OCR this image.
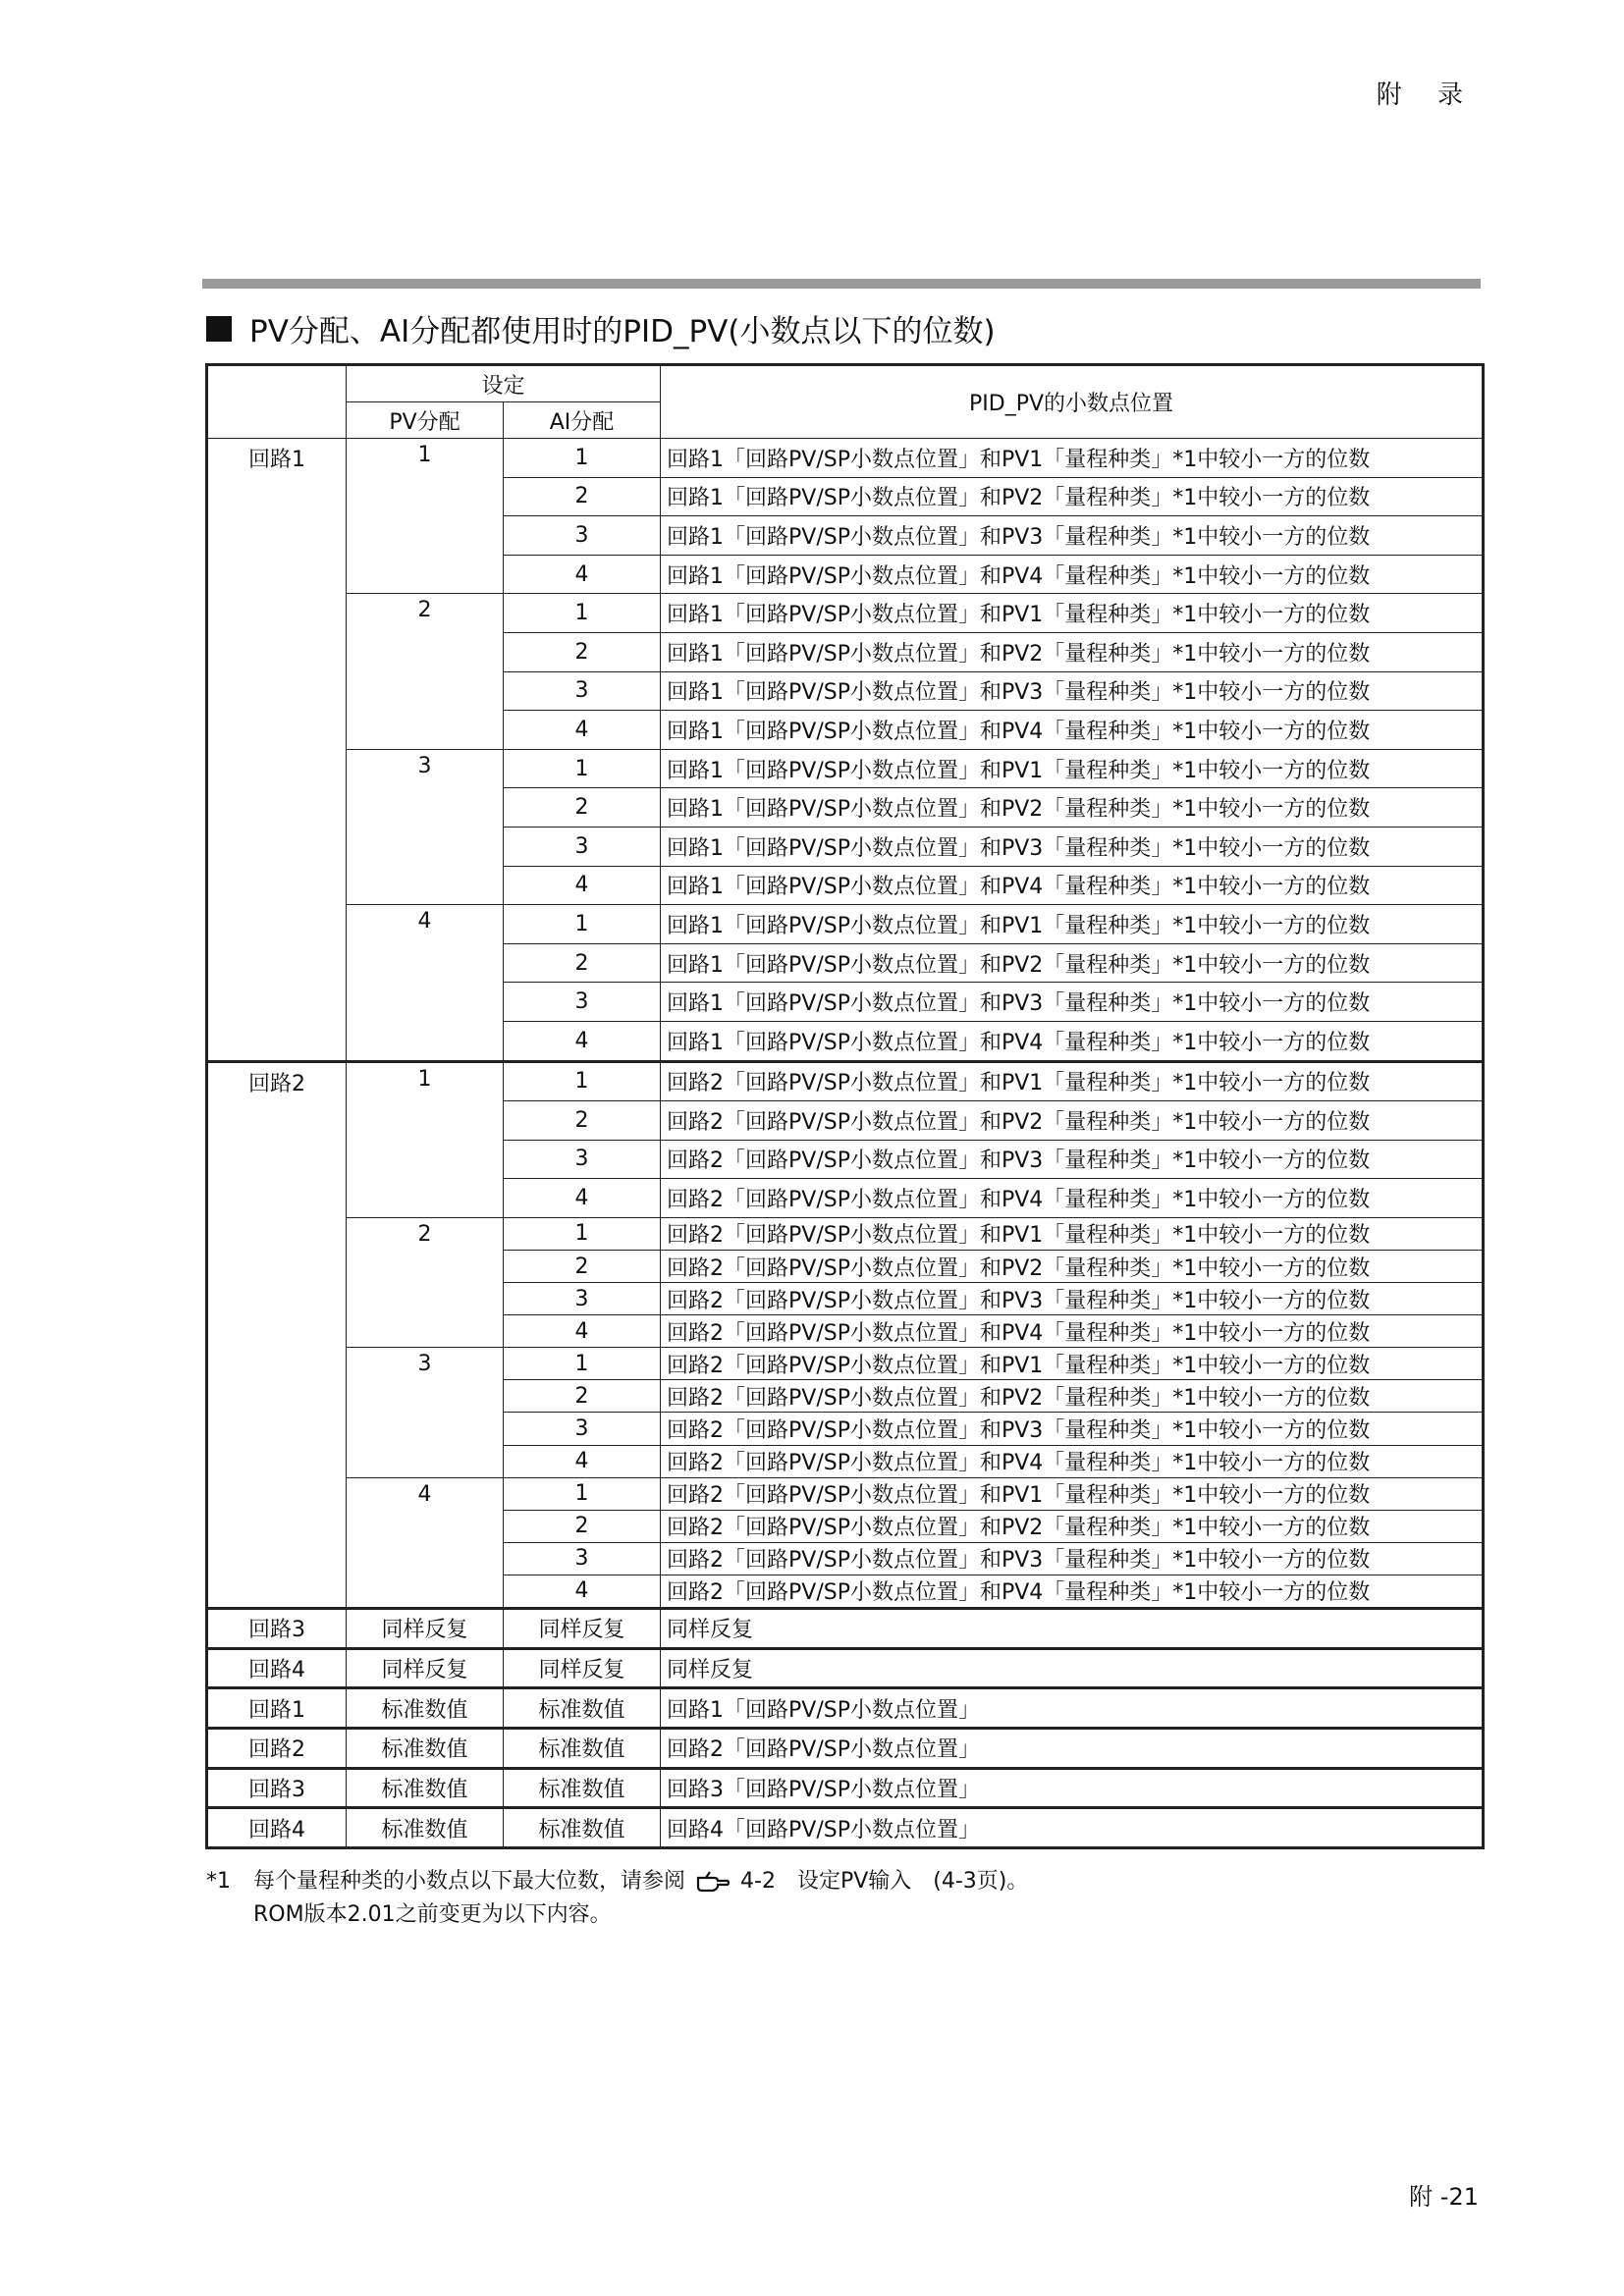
附 录
PV分配、AI分配都使用时的PID_PV(小数点以下的位数)
	设定		PID_PV的小数点位置
	PV分配	AI分配	
回路1	1	1	回路1「回路PV/SP小数点位置」和PV1「量程种类」*1中较小一方的位数
		2	回路1「回路PV/SP小数点位置」和PV2「量程种类」*1中较小一方的位数
		3	回路1「回路PV/SP小数点位置」和PV3「量程种类」*1中较小一方的位数
		4	回路1「回路PV/SP小数点位置」和PV4「量程种类」*1中较小一方的位数
	2	1	回路1「回路PV/SP小数点位置」和PV1「量程种类」*1中较小一方的位数
		2	回路1「回路PV/SP小数点位置」和PV2「量程种类」*1中较小一方的位数
		3	回路1「回路PV/SP小数点位置」和PV3「量程种类」*1中较小一方的位数
		4	回路1「回路PV/SP小数点位置」和PV4「量程种类」*1中较小一方的位数
	3	1	回路1「回路PV/SP小数点位置」和PV1「量程种类」*1中较小一方的位数
		2	回路1「回路PV/SP小数点位置」和PV2「量程种类」*1中较小一方的位数
		3	回路1「回路PV/SP小数点位置」和PV3「量程种类」*1中较小一方的位数
		4	回路1「回路PV/SP小数点位置」和PV4「量程种类」*1中较小一方的位数
	4	1	回路1「回路PV/SP小数点位置」和PV1「量程种类」*1中较小一方的位数
		2	回路1「回路PV/SP小数点位置」和PV2「量程种类」*1中较小一方的位数
		3	回路1「回路PV/SP小数点位置」和PV3「量程种类」*1中较小一方的位数
		4	回路1「回路PV/SP小数点位置」和PV4「量程种类」*1中较小一方的位数
回路2	1	1	回路2「回路PV/SP小数点位置」和PV1「量程种类」*1中较小一方的位数
		2	回路2「回路PV/SP小数点位置」和PV2「量程种类」*1中较小一方的位数
		3	回路2「回路PV/SP小数点位置」和PV3「量程种类」*1中较小一方的位数
		4	回路2「回路PV/SP小数点位置」和PV4「量程种类」*1中较小一方的位数
	2	1	回路2「回路PV/SP小数点位置」和PV1「量程种类」*1中较小一方的位数
		2	回路2「回路PV/SP小数点位置」和PV2「量程种类」*1中较小一方的位数
		3	回路2「回路PV/SP小数点位置」和PV3「量程种类」*1中较小一方的位数
		4	回路2「回路PV/SP小数点位置」和PV4「量程种类」*1中较小一方的位数
	3	1	回路2「回路PV/SP小数点位置」和PV1「量程种类」*1中较小一方的位数
		2	回路2「回路PV/SP小数点位置」和PV2「量程种类」*1中较小一方的位数
		3	回路2「回路PV/SP小数点位置」和PV3「量程种类」*1中较小一方的位数
		4	回路2「回路PV/SP小数点位置」和PV4「量程种类」*1中较小一方的位数
	4	1	回路2「回路PV/SP小数点位置」和PV1「量程种类」*1中较小一方的位数
		2	回路2「回路PV/SP小数点位置」和PV2「量程种类」*1中较小一方的位数
		3	回路2「回路PV/SP小数点位置」和PV3「量程种类」*1中较小一方的位数
		4	回路2「回路PV/SP小数点位置」和PV4「量程种类」*1中较小一方的位数
回路3	同样反复	同样反复	同样反复
回路4	同样反复	同样反复	同样反复
回路1	标准数值	标准数值	回路1「回路PV/SP小数点位置」
回路2	标准数值	标准数值	回路2「回路PV/SP小数点位置」
回路3	标准数值	标准数值	回路3「回路PV/SP小数点位置」
回路4	标准数值	标准数值	回路4「回路PV/SP小数点位置」
*1 每个量程种类的小数点以下最大位数，请参阅	4-2　设定PV输入　(4-3页)。
ROM版本2.01之前变更为以下内容。
附 -21
